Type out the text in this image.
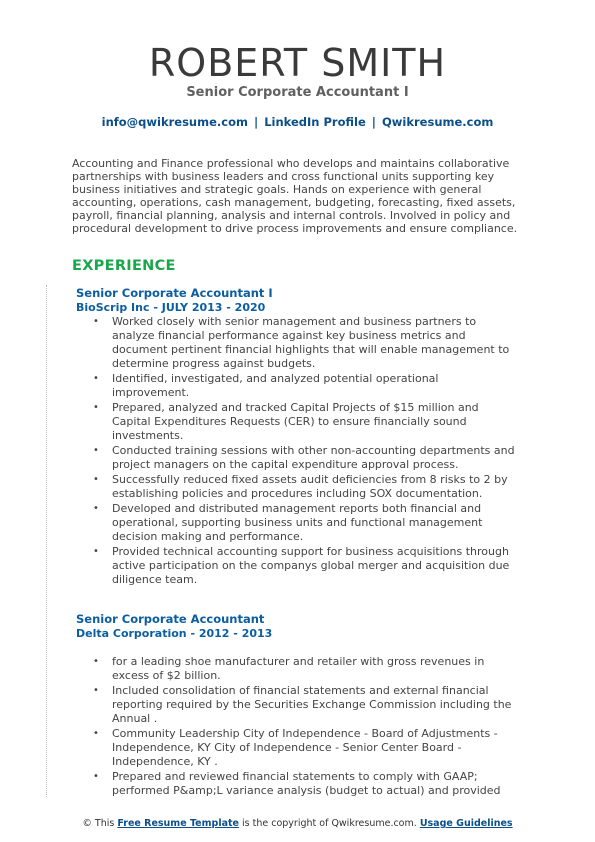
ROBERT SMITH
Senior Corporate Accountant I
info@qwikresume.com | LinkedIn Profile | Qwikresume.com
Accounting and Finance professional who develops and maintains collaborative partnerships with business leaders and cross functional units supporting key business initiatives and strategic goals. Hands on experience with general accounting, operations, cash management, budgeting, forecasting, fixed assets, payroll, financial planning, analysis and internal controls. Involved in policy and procedural development to drive process improvements and ensure compliance.
EXPERIENCE
Senior Corporate Accountant I
BioScrip Inc - JULY 2013 - 2020
• Worked closely with senior management and business partners to analyze financial performance against key business metrics and document pertinent financial highlights that will enable management to determine progress against budgets.
• Identified, investigated, and analyzed potential operational improvement.
• Prepared, analyzed and tracked Capital Projects of $15 million and Capital Expenditures Requests (CER) to ensure financially sound investments.
• Conducted training sessions with other non-accounting departments and project managers on the capital expenditure approval process.
• Successfully reduced fixed assets audit deficiencies from 8 risks to 2 by establishing policies and procedures including SOX documentation.
• Developed and distributed management reports both financial and operational, supporting business units and functional management decision making and performance.
• Provided technical accounting support for business acquisitions through active participation on the companys global merger and acquisition due diligence team.
Senior Corporate Accountant
Delta Corporation - 2012 - 2013
• for a leading shoe manufacturer and retailer with gross revenues in excess of $2 billion.
• Included consolidation of financial statements and external financial reporting required by the Securities Exchange Commission including the Annual .
• Community Leadership City of Independence - Board of Adjustments - Independence, KY City of Independence - Senior Center Board - Independence, KY .
• Prepared and reviewed financial statements to comply with GAAP; performed P&amp;L variance analysis (budget to actual) and provided
© This Free Resume Template is the copyright of Qwikresume.com. Usage Guidelines
